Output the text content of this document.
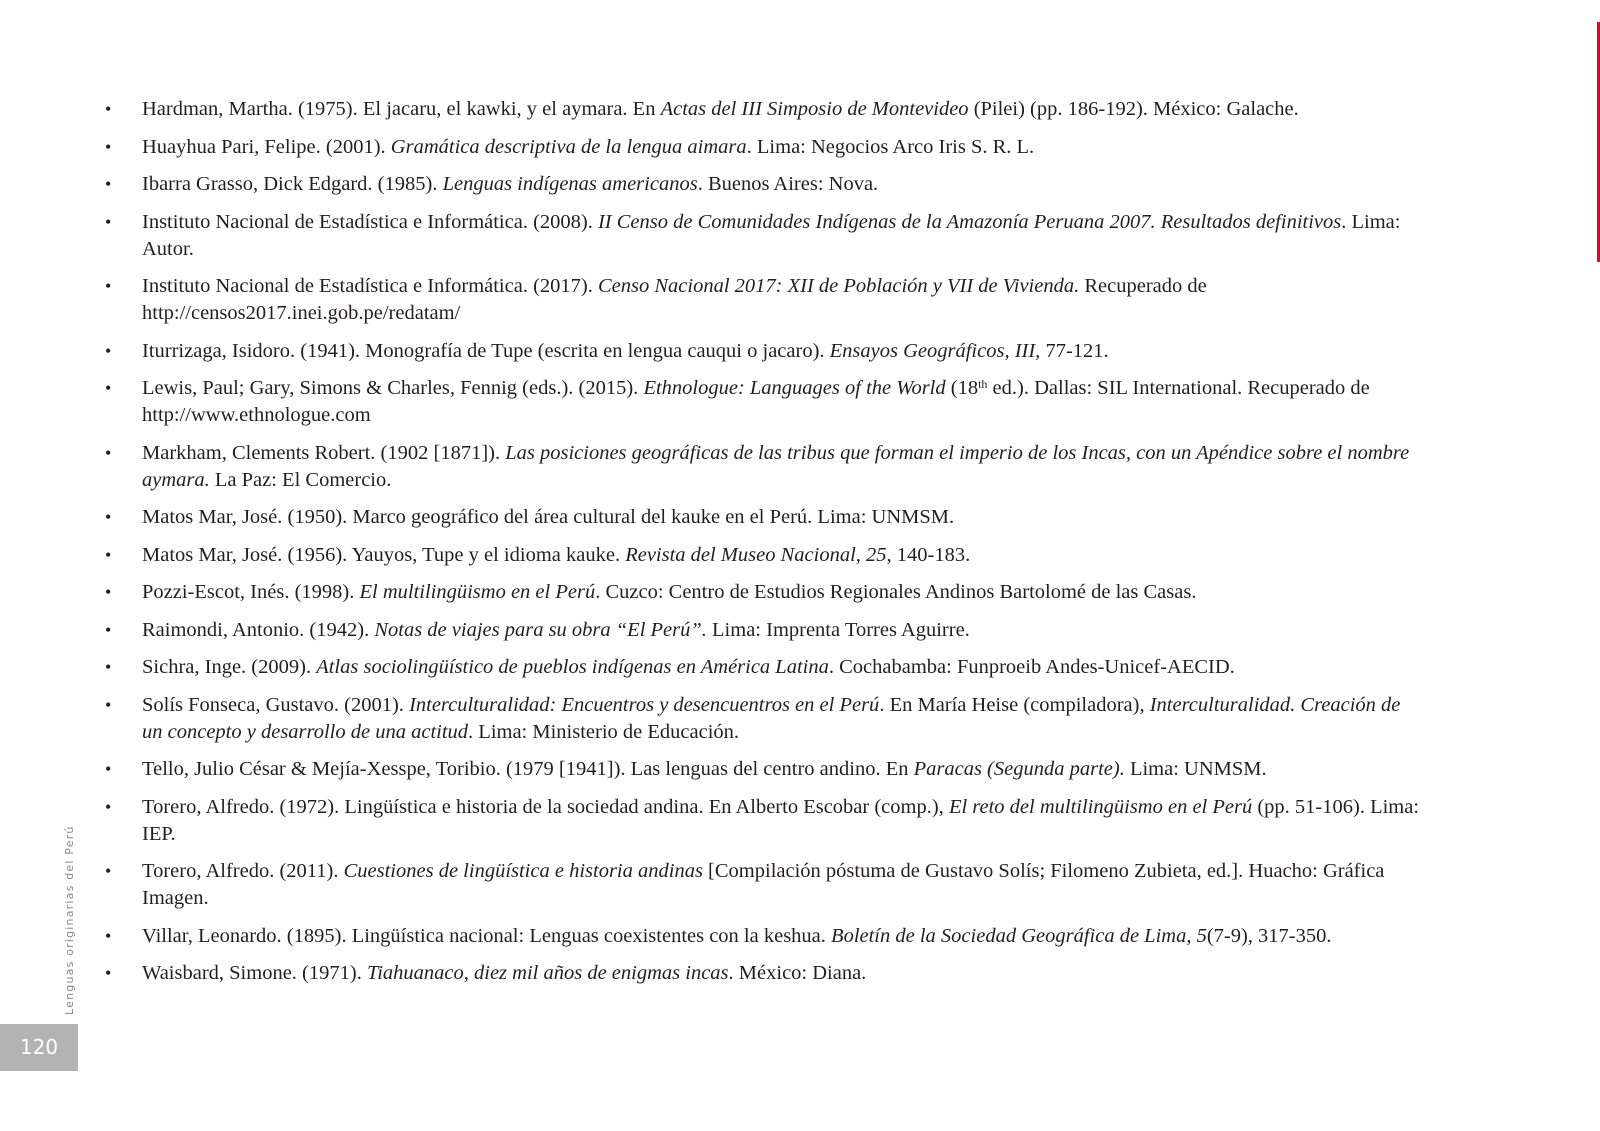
• Hardman, Martha. (1975). El jacaru, el kawki, y el aymara. En Actas del III Simposio de Montevideo (Pilei) (pp. 186-192). México: Galache.
• Huayhua Pari, Felipe. (2001). Gramática descriptiva de la lengua aimara. Lima: Negocios Arco Iris S. R. L.
• Ibarra Grasso, Dick Edgard. (1985). Lenguas indígenas americanos. Buenos Aires: Nova.
• Instituto Nacional de Estadística e Informática. (2008). II Censo de Comunidades Indígenas de la Amazonía Peruana 2007. Resultados definitivos. Lima: Autor.
• Instituto Nacional de Estadística e Informática. (2017). Censo Nacional 2017: XII de Población y VII de Vivienda. Recuperado de http://censos2017.inei.gob.pe/redatam/
• Iturrizaga, Isidoro. (1941). Monografía de Tupe (escrita en lengua cauqui o jacaro). Ensayos Geográficos, III, 77-121.
• Lewis, Paul; Gary, Simons & Charles, Fennig (eds.). (2015). Ethnologue: Languages of the World (18th ed.). Dallas: SIL International. Recuperado de http://www.ethnologue.com
• Markham, Clements Robert. (1902 [1871]). Las posiciones geográficas de las tribus que forman el imperio de los Incas, con un Apéndice sobre el nombre aymara. La Paz: El Comercio.
• Matos Mar, José. (1950). Marco geográfico del área cultural del kauke en el Perú. Lima: UNMSM.
• Matos Mar, José. (1956). Yauyos, Tupe y el idioma kauke. Revista del Museo Nacional, 25, 140-183.
• Pozzi-Escot, Inés. (1998). El multilingüismo en el Perú. Cuzco: Centro de Estudios Regionales Andinos Bartolomé de las Casas.
• Raimondi, Antonio. (1942). Notas de viajes para su obra “El Perú”. Lima: Imprenta Torres Aguirre.
• Sichra, Inge. (2009). Atlas sociolingüístico de pueblos indígenas en América Latina. Cochabamba: Funproeib Andes-Unicef-AECID.
• Solís Fonseca, Gustavo. (2001). Interculturalidad: Encuentros y desencuentros en el Perú. En María Heise (compiladora), Interculturalidad. Creación de un concepto y desarrollo de una actitud. Lima: Ministerio de Educación.
• Tello, Julio César & Mejía-Xesspe, Toribio. (1979 [1941]). Las lenguas del centro andino. En Paracas (Segunda parte). Lima: UNMSM.
• Torero, Alfredo. (1972). Lingüística e historia de la sociedad andina. En Alberto Escobar (comp.), El reto del multilingüismo en el Perú (pp. 51-106). Lima: IEP.
• Torero, Alfredo. (2011). Cuestiones de lingüística e historia andinas [Compilación póstuma de Gustavo Solís; Filomeno Zubieta, ed.]. Huacho: Gráfica Imagen.
• Villar, Leonardo. (1895). Lingüística nacional: Lenguas coexistentes con la keshua. Boletín de la Sociedad Geográfica de Lima, 5(7-9), 317-350.
• Waisbard, Simone. (1971). Tiahuanaco, diez mil años de enigmas incas. México: Diana.
Lenguas originarias del Perú
120
